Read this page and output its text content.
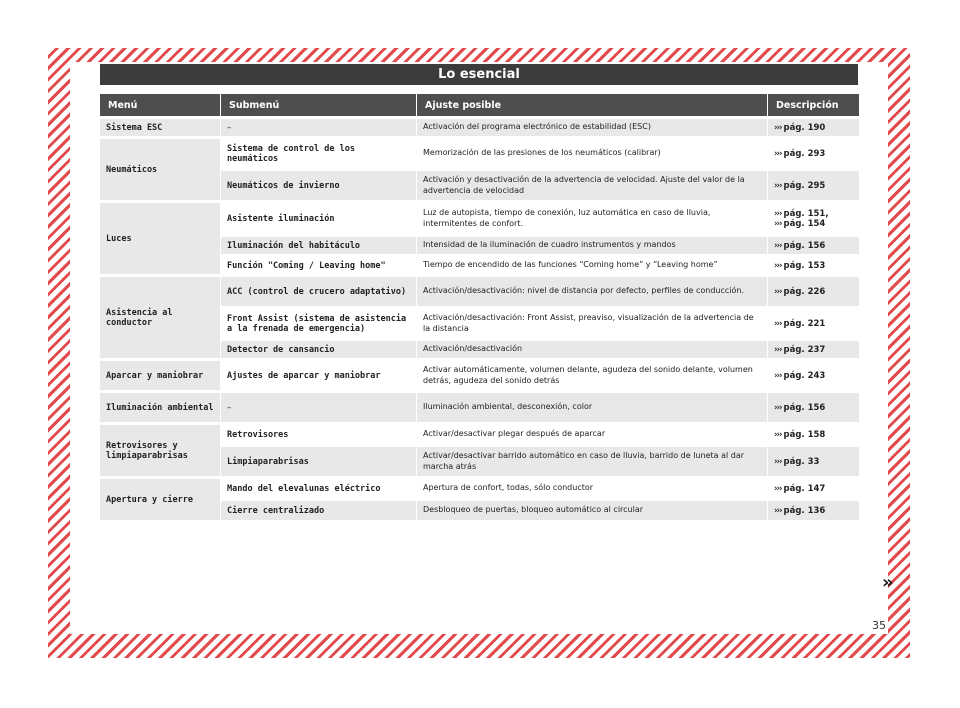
Lo esencial
Menú	Submenú	Ajuste posible	Descripción
Sistema ESC	–	Activación del programa electrónico de estabilidad (ESC)	››› pág. 190
Neumáticos	Sistema de control de los neumáticos	Memorización de las presiones de los neumáticos (calibrar)	››› pág. 293
	Neumáticos de invierno	Activación y desactivación de la advertencia de velocidad. Ajuste del valor de la advertencia de velocidad	››› pág. 295
Luces	Asistente iluminación	Luz de autopista, tiempo de conexión, luz automática en caso de lluvia, intermitentes de confort.	››› pág. 151,
››› pág. 154
	Iluminación del habitáculo	Intensidad de la iluminación de cuadro instrumentos y mandos	››› pág. 156
	Función "Coming / Leaving home"	Tiempo de encendido de las funciones “Coming home” y “Leaving home”	››› pág. 153
Asistencia al conductor	ACC (control de crucero adaptativo)	Activación/desactivación: nivel de distancia por defecto, perfiles de conducción.	››› pág. 226
	Front Assist (sistema de asistencia a la frenada de emergencia)	Activación/desactivación: Front Assist, preaviso, visualización de la advertencia de la distancia	››› pág. 221
	Detector de cansancio	Activación/desactivación	››› pág. 237
Aparcar y maniobrar	Ajustes de aparcar y maniobrar	Activar automáticamente, volumen delante, agudeza del sonido delante, volumen detrás, agudeza del sonido detrás	››› pág. 243
Iluminación ambiental	–	Iluminación ambiental, desconexión, color	››› pág. 156
Retrovisores y limpiaparabrisas	Retrovisores	Activar/desactivar plegar después de aparcar	››› pág. 158
	Limpiaparabrisas	Activar/desactivar barrido automático en caso de lluvia, barrido de luneta al dar marcha atrás	››› pág. 33
Apertura y cierre	Mando del elevalunas eléctrico	Apertura de confort, todas, sólo conductor	››› pág. 147
	Cierre centralizado	Desbloqueo de puertas, bloqueo automático al circular	››› pág. 136
»
35
